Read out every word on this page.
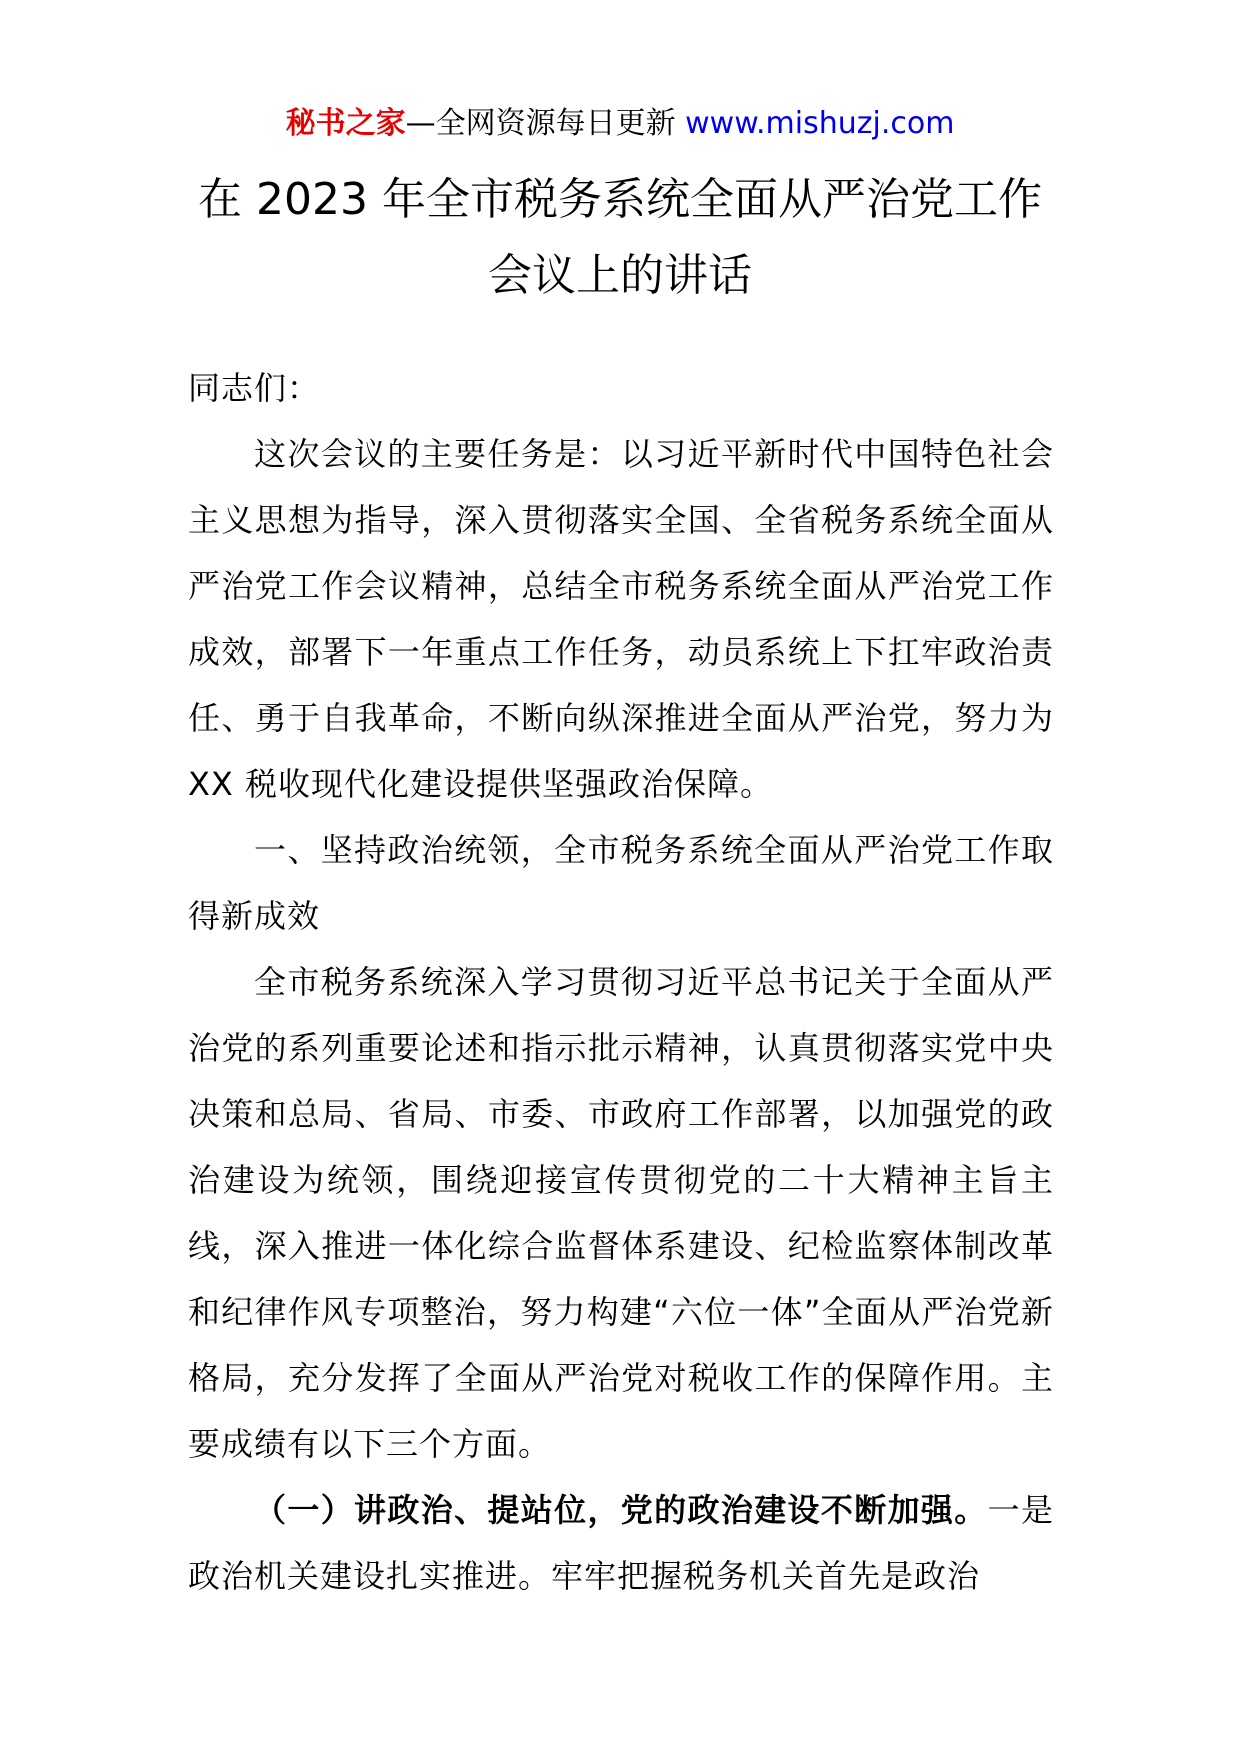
秘书之家—全网资源每日更新 www.mishuzj.com
在 2023 年全市税务系统全面从严治党工作
会议上的讲话

同志们：

这次会议的主要任务是：以习近平新时代中国特色社会主义思想为指导，深入贯彻落实全国、全省税务系统全面从严治党工作会议精神，总结全市税务系统全面从严治党工作成效，部署下一年重点工作任务，动员系统上下扛牢政治责任、勇于自我革命，不断向纵深推进全面从严治党，努力为 XX 税收现代化建设提供坚强政治保障。

一、坚持政治统领，全市税务系统全面从严治党工作取得新成效

全市税务系统深入学习贯彻习近平总书记关于全面从严治党的系列重要论述和指示批示精神，认真贯彻落实党中央决策和总局、省局、市委、市政府工作部署，以加强党的政治建设为统领，围绕迎接宣传贯彻党的二十大精神主旨主线，深入推进一体化综合监督体系建设、纪检监察体制改革和纪律作风专项整治，努力构建“六位一体”全面从严治党新格局，充分发挥了全面从严治党对税收工作的保障作用。主要成绩有以下三个方面。

（一）讲政治、提站位，党的政治建设不断加强。一是政治机关建设扎实推进。牢牢把握税务机关首先是政治
